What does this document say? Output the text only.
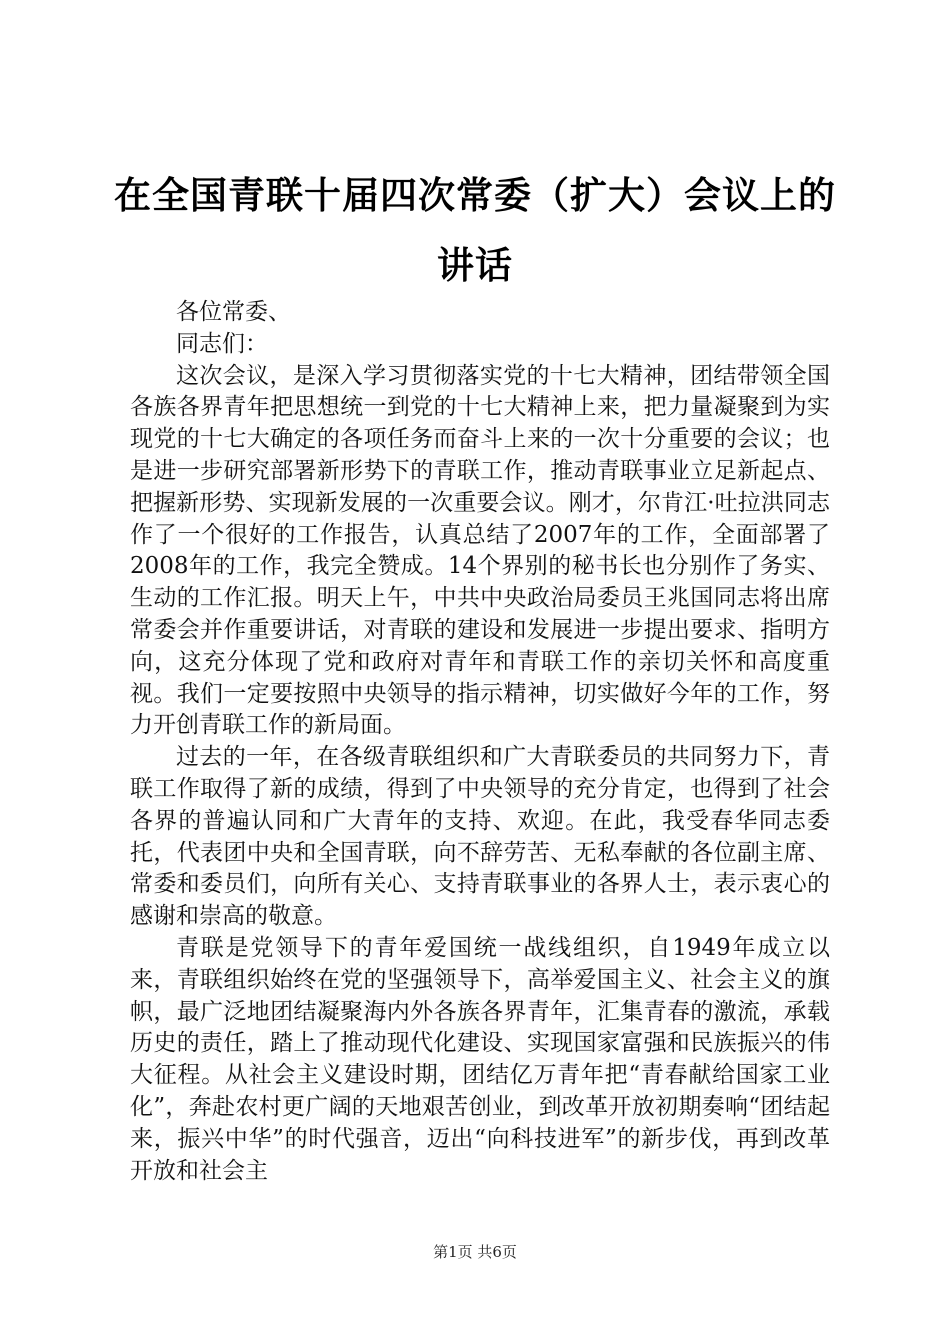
在全国青联十届四次常委（扩大）会议上的讲话

各位常委、

同志们：

这次会议，是深入学习贯彻落实党的十七大精神，团结带领全国各族各界青年把思想统一到党的十七大精神上来，把力量凝聚到为实现党的十七大确定的各项任务而奋斗上来的一次十分重要的会议；也是进一步研究部署新形势下的青联工作，推动青联事业立足新起点、把握新形势、实现新发展的一次重要会议。刚才，尔肯江·吐拉洪同志作了一个很好的工作报告，认真总结了2007年的工作，全面部署了2008年的工作，我完全赞成。14个界别的秘书长也分别作了务实、生动的工作汇报。明天上午，中共中央政治局委员王兆国同志将出席常委会并作重要讲话，对青联的建设和发展进一步提出要求、指明方向，这充分体现了党和政府对青年和青联工作的亲切关怀和高度重视。我们一定要按照中央领导的指示精神，切实做好今年的工作，努力开创青联工作的新局面。

过去的一年，在各级青联组织和广大青联委员的共同努力下，青联工作取得了新的成绩，得到了中央领导的充分肯定，也得到了社会各界的普遍认同和广大青年的支持、欢迎。在此，我受春华同志委托，代表团中央和全国青联，向不辞劳苦、无私奉献的各位副主席、常委和委员们，向所有关心、支持青联事业的各界人士，表示衷心的感谢和崇高的敬意。

青联是党领导下的青年爱国统一战线组织，自1949年成立以来，青联组织始终在党的坚强领导下，高举爱国主义、社会主义的旗帜，最广泛地团结凝聚海内外各族各界青年，汇集青春的激流，承载历史的责任，踏上了推动现代化建设、实现国家富强和民族振兴的伟大征程。从社会主义建设时期，团结亿万青年把“青春献给国家工业化”，奔赴农村更广阔的天地艰苦创业，到改革开放初期奏响“团结起来，振兴中华”的时代强音，迈出“向科技进军”的新步伐，再到改革开放和社会主

第1页 共6页
